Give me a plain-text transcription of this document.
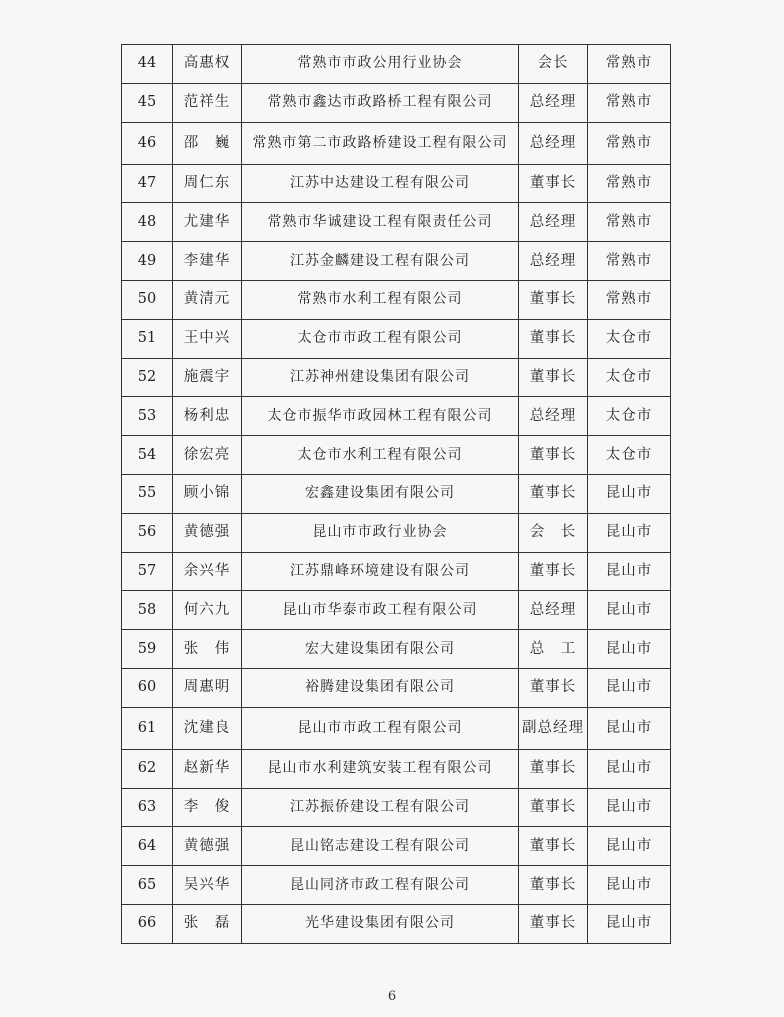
44	高惠权	常熟市市政公用行业协会	会长	常熟市
45	范祥生	常熟市鑫达市政路桥工程有限公司	总经理	常熟市
46	邵　巍	常熟市第二市政路桥建设工程有限公司	总经理	常熟市
47	周仁东	江苏中达建设工程有限公司	董事长	常熟市
48	尤建华	常熟市华诚建设工程有限责任公司	总经理	常熟市
49	李建华	江苏金麟建设工程有限公司	总经理	常熟市
50	黄清元	常熟市水利工程有限公司	董事长	常熟市
51	王中兴	太仓市市政工程有限公司	董事长	太仓市
52	施震宇	江苏神州建设集团有限公司	董事长	太仓市
53	杨利忠	太仓市振华市政园林工程有限公司	总经理	太仓市
54	徐宏亮	太仓市水利工程有限公司	董事长	太仓市
55	顾小锦	宏鑫建设集团有限公司	董事长	昆山市
56	黄德强	昆山市市政行业协会	会　长	昆山市
57	余兴华	江苏鼎峰环境建设有限公司	董事长	昆山市
58	何六九	昆山市华泰市政工程有限公司	总经理	昆山市
59	张　伟	宏大建设集团有限公司	总　工	昆山市
60	周惠明	裕腾建设集团有限公司	董事长	昆山市
61	沈建良	昆山市市政工程有限公司	副总经理	昆山市
62	赵新华	昆山市水利建筑安装工程有限公司	董事长	昆山市
63	李　俊	江苏振侨建设工程有限公司	董事长	昆山市
64	黄德强	昆山铭志建设工程有限公司	董事长	昆山市
65	吴兴华	昆山同济市政工程有限公司	董事长	昆山市
66	张　磊	光华建设集团有限公司	董事长	昆山市
6
